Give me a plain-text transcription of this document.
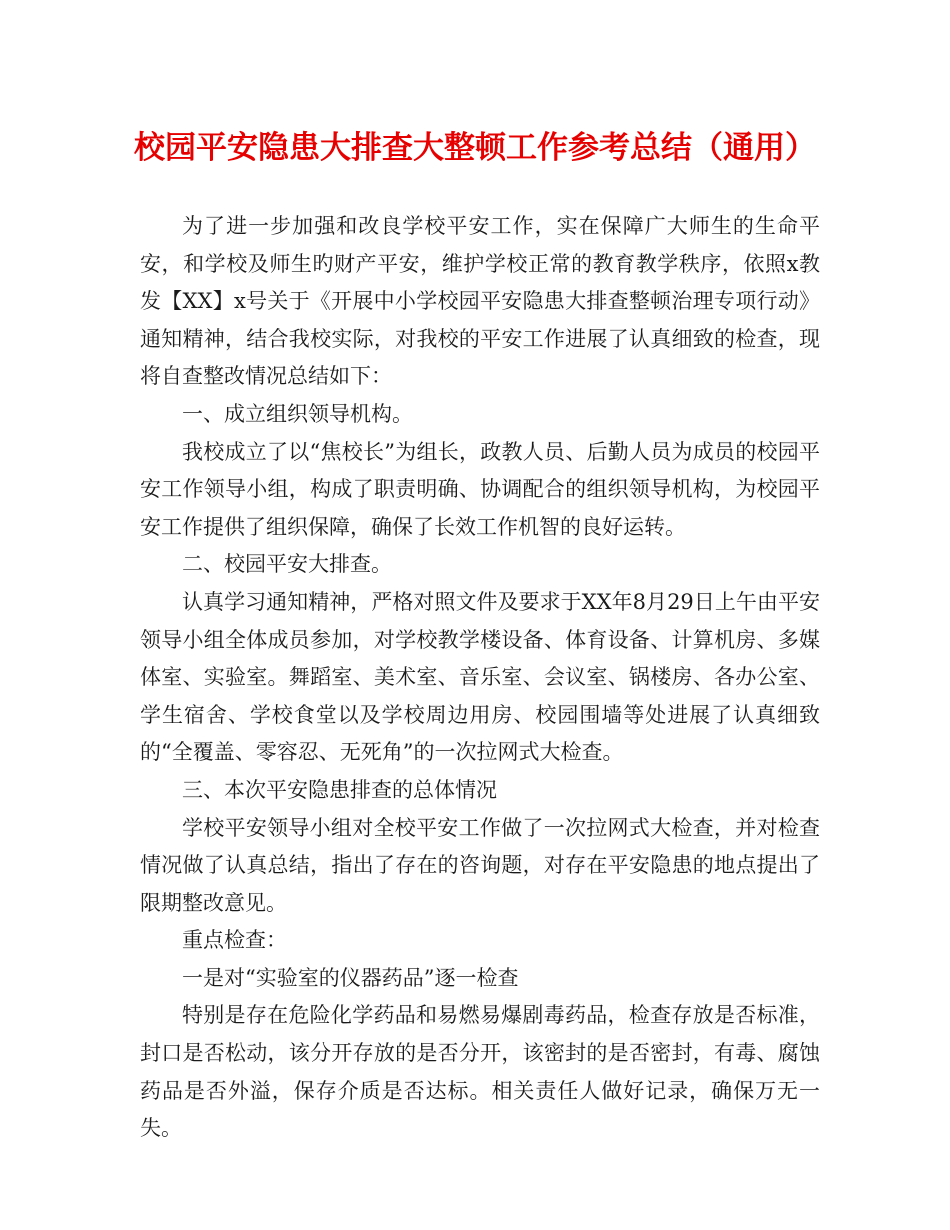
校园平安隐患大排查大整顿工作参考总结（通用）

为了进一步加强和改良学校平安工作，实在保障广大师生的生命平安，和学校及师生旳财产平安，维护学校正常的教育教学秩序，依照x教发【XX】x号关于《开展中小学校园平安隐患大排查整顿治理专项行动》通知精神，结合我校实际，对我校的平安工作进展了认真细致的检查，现将自查整改情况总结如下：

一、成立组织领导机构。

我校成立了以“焦校长”为组长，政教人员、后勤人员为成员的校园平安工作领导小组，构成了职责明确、协调配合的组织领导机构，为校园平安工作提供了组织保障，确保了长效工作机智的良好运转。

二、校园平安大排查。

认真学习通知精神，严格对照文件及要求于XX年8月29日上午由平安领导小组全体成员参加，对学校教学楼设备、体育设备、计算机房、多媒体室、实验室。舞蹈室、美术室、音乐室、会议室、锅楼房、各办公室、学生宿舍、学校食堂以及学校周边用房、校园围墙等处进展了认真细致的“全覆盖、零容忍、无死角”的一次拉网式大检查。

三、本次平安隐患排查的总体情况

学校平安领导小组对全校平安工作做了一次拉网式大检查，并对检查情况做了认真总结，指出了存在的咨询题，对存在平安隐患的地点提出了限期整改意见。

重点检查：

一是对“实验室的仪器药品”逐一检查

特别是存在危险化学药品和易燃易爆剧毒药品，检查存放是否标准，封口是否松动，该分开存放的是否分开，该密封的是否密封，有毒、腐蚀药品是否外溢，保存介质是否达标。相关责任人做好记录，确保万无一失。
